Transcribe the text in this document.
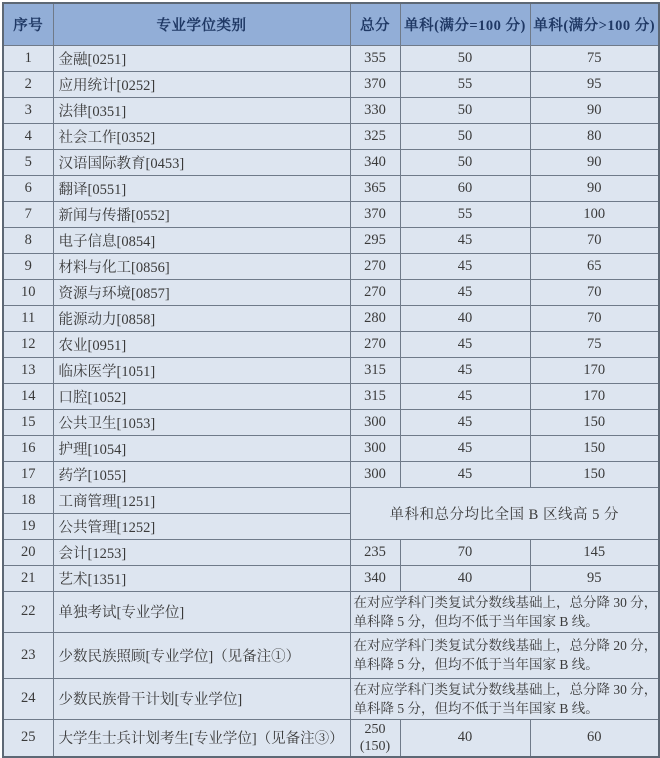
序号	专业学位类别	总分	单科(满分=100 分)	单科(满分>100 分)
1	金融[0251]	355	50	75
2	应用统计[0252]	370	55	95
3	法律[0351]	330	50	90
4	社会工作[0352]	325	50	80
5	汉语国际教育[0453]	340	50	90
6	翻译[0551]	365	60	90
7	新闻与传播[0552]	370	55	100
8	电子信息[0854]	295	45	70
9	材料与化工[0856]	270	45	65
10	资源与环境[0857]	270	45	70
11	能源动力[0858]	280	40	70
12	农业[0951]	270	45	75
13	临床医学[1051]	315	45	170
14	口腔[1052]	315	45	170
15	公共卫生[1053]	300	45	150
16	护理[1054]	300	45	150
17	药学[1055]	300	45	150
18	工商管理[1251]	单科和总分均比全国 B 区线高 5 分		
19	公共管理[1252]			
20	会计[1253]	235	70	145
21	艺术[1351]	340	40	95
22	单独考试[专业学位]	在对应学科门类复试分数线基础上，总分降 30 分，
单科降 5 分，但均不低于当年国家 B 线。		

23	少数民族照顾[专业学位]（见备注①）	在对应学科门类复试分数线基础上，总分降 20 分，
单科降 5 分，但均不低于当年国家 B 线。		

24	少数民族骨干计划[专业学位]	在对应学科门类复试分数线基础上，总分降 30 分，
单科降 5 分，但均不低于当年国家 B 线。		

25	大学生士兵计划考生[专业学位]（见备注③）	250
(150)	40	60
